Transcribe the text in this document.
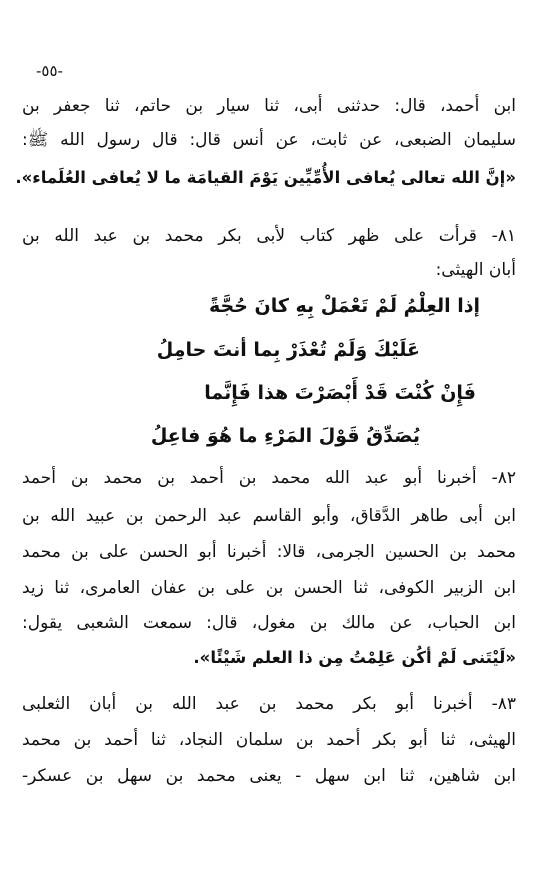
-٥٥-
ابن أحمد، قال: حدثنى أبى، ثنا سيار بن حاتم، ثنا جعفر بن
سليمان الضبعى، عن ثابت، عن أنس قال: قال رسول الله ﷺ:
«إنَّ الله تعالى يُعافى الأُمِّيِّين يَوْمَ القيامَة ما لا يُعافى العُلَماء».
٨١- قرأت على ظهر كتاب لأبى بكر محمد بن عبد الله بن
أبان الهيثى:
إذا العِلْمُ لَمْ تَعْمَلْ بِهِ كانَ حُجَّةً
عَلَيْكَ وَلَمْ تُعْذَرْ بِما أنتَ حامِلُ
فَإِنْ كُنْتَ قَدْ أَبْصَرْتَ هذا فَإِنَّما
يُصَدِّقُ قَوْلَ المَرْءِ ما هُوَ فاعِلُ
٨٢- أخبرنا أبو عبد الله محمد بن أحمد بن محمد بن أحمد
ابن أبى طاهر الدَّقاق، وأبو القاسم عبد الرحمن بن عبيد الله بن
محمد بن الحسين الجرمى، قالا: أخبرنا أبو الحسن على بن محمد
ابن الزبير الكوفى، ثنا الحسن بن على بن عفان العامرى، ثنا زيد
ابن الحباب، عن مالك بن مغول، قال: سمعت الشعبى يقول:
«لَيْتَنى لَمْ أكُن عَلِمْتُ مِن ذا العلم شَيْئًا».
٨٣- أخبرنا أبو بكر محمد بن عبد الله بن أبان الثعلبى
الهيثى، ثنا أبو بكر أحمد بن سلمان النجاد، ثنا أحمد بن محمد
ابن شاهين، ثنا ابن سهل - يعنى محمد بن سهل بن عسكر-
